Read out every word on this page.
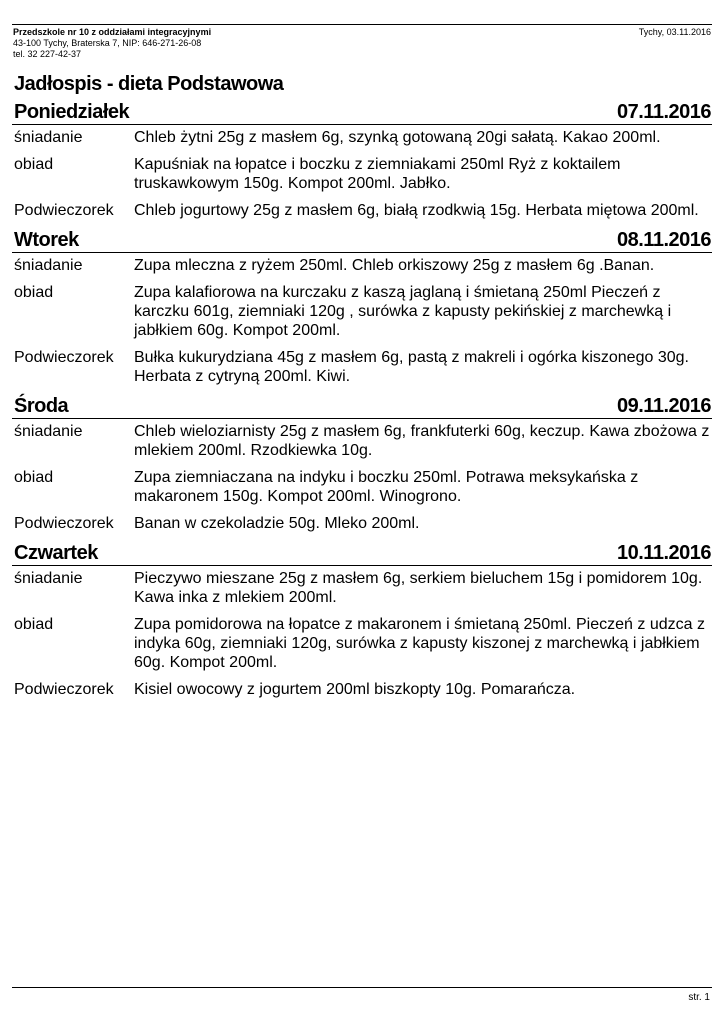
Przedszkole nr 10 z oddziałami integracyjnymi
43-100 Tychy, Braterska 7, NIP: 646-271-26-08
tel. 32 227-42-37
Tychy, 03.11.2016
Jadłospis - dieta Podstawowa
Poniedziałek	07.11.2016
śniadanie	Chleb żytni 25g z masłem 6g, szynką gotowaną 20gi sałatą. Kakao 200ml.
obiad	Kapuśniak na łopatce i boczku z ziemniakami 250ml Ryż z koktailem truskawkowym 150g. Kompot 200ml. Jabłko.
Podwieczorek	Chleb jogurtowy 25g z masłem 6g, białą rzodkwią 15g. Herbata miętowa 200ml.
Wtorek	08.11.2016
śniadanie	Zupa mleczna z ryżem 250ml. Chleb orkiszowy 25g z masłem 6g .Banan.
obiad	Zupa kalafiorowa na kurczaku z kaszą jaglaną i śmietaną 250ml Pieczeń z karczku 601g, ziemniaki 120g , surówka z kapusty pekińskiej z marchewką i jabłkiem 60g. Kompot 200ml.
Podwieczorek	Bułka kukurydziana 45g z masłem 6g, pastą z makreli i ogórka kiszonego 30g. Herbata z cytryną 200ml. Kiwi.
Środa	09.11.2016
śniadanie	Chleb wieloziarnisty 25g z masłem 6g, frankfuterki 60g, keczup. Kawa zbożowa z mlekiem 200ml. Rzodkiewka 10g.
obiad	Zupa ziemniaczana na indyku i boczku 250ml. Potrawa meksykańska z makaronem 150g. Kompot 200ml. Winogrono.
Podwieczorek	Banan w czekoladzie 50g. Mleko 200ml.
Czwartek	10.11.2016
śniadanie	Pieczywo mieszane 25g z masłem 6g, serkiem bieluchem 15g i pomidorem 10g. Kawa inka z mlekiem 200ml.
obiad	Zupa pomidorowa na łopatce z makaronem i śmietaną 250ml. Pieczeń z udzca z indyka 60g, ziemniaki 120g, surówka z kapusty kiszonej z marchewką i jabłkiem 60g. Kompot 200ml.
Podwieczorek	Kisiel owocowy z jogurtem 200ml biszkopty 10g. Pomarańcza.
str. 1
